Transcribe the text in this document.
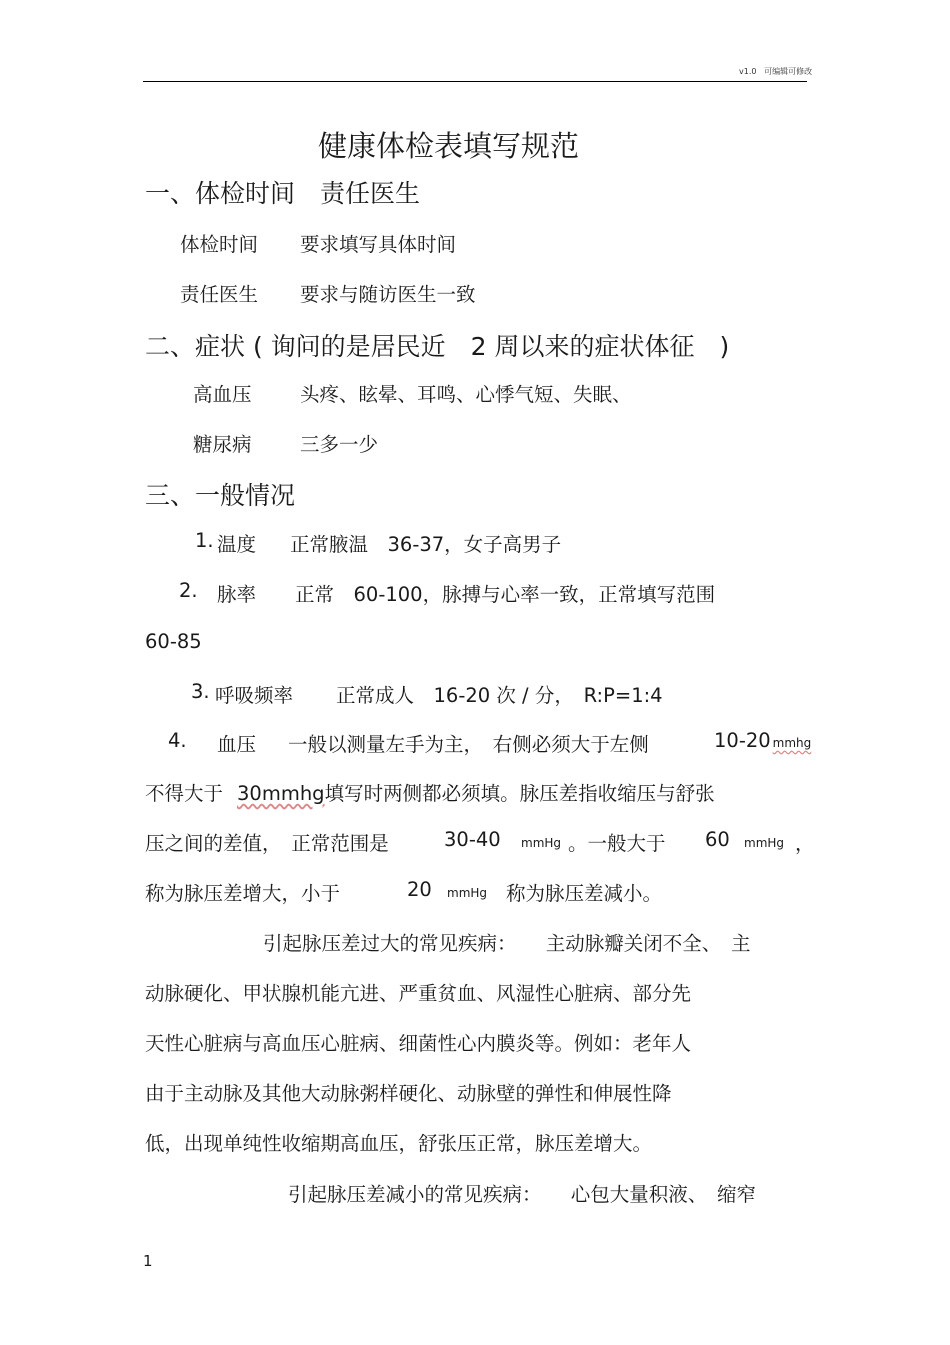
v1.0 可编辑可修改
健康体检表填写规范
一、体检时间　责任医生
体检时间 要求填写具体时间
责任医生 要求与随访医生一致
二、症状 ( 询问的是居民近　2 周以来的症状体征　)
高血压 头疼、眩晕、耳鸣、心悸气短、失眠、
糖尿病 三多一少
三、一般情况
1. 温度 正常腋温　36-37，女子高男子
2. 脉率 正常　60-100，脉搏与心率一致，正常填写范围
60-85
3. 呼吸频率 正常成人　16-20 次 / 分，　R:P=1:4
4. 血压 一般以测量左手为主，　右侧必须大于左侧	10-20 mmhg
不得大于 30mmhg填写时两侧都必须填。脉压差指收缩压与舒张
压之间的差值，　正常范围是	30-40 mmHg 。一般大于 60 mmHg ，
称为脉压差增大，小于	20 mmHg 称为脉压差减小。
引起脉压差过大的常见疾病：　　主动脉瓣关闭不全、　主
动脉硬化、甲状腺机能亢进、严重贫血、风湿性心脏病、部分先
天性心脏病与高血压心脏病、细菌性心内膜炎等。例如：老年人
由于主动脉及其他大动脉粥样硬化、动脉壁的弹性和伸展性降
低，出现单纯性收缩期高血压，舒张压正常，脉压差增大。
引起脉压差减小的常见疾病：　　心包大量积液、　缩窄
1
